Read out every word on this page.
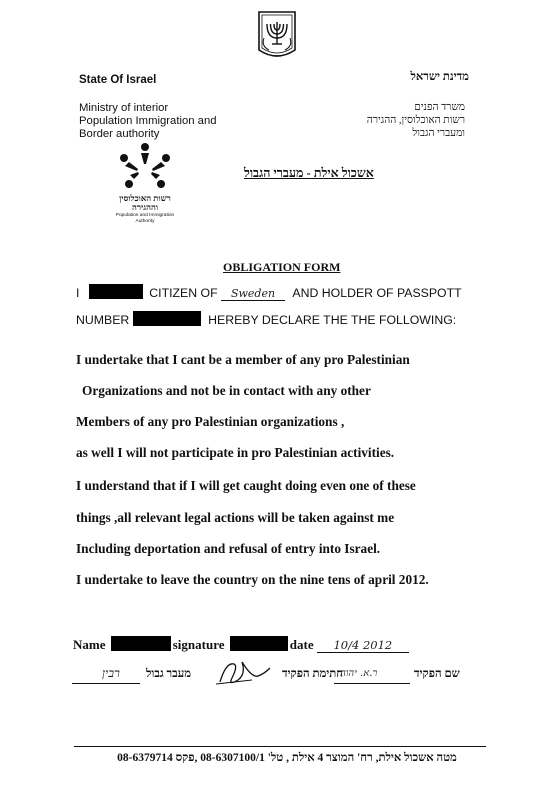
State Of Israel	מדינת ישראל
Ministry of interior
Population Immigration and
Border authority
משרד הפנים
רשות האוכלוסין, ההגירה
ומעברי הגבול
רשות האוכלוסין
וההגירה
Population and Immigration
Authority
אשכול אילת - מעברי הגבול
OBLIGATION FORM
I	CITIZEN OF Sweden AND HOLDER OF PASSPOTT
NUMBER	HEREBY DECLARE THE THE FOLLOWING:
I undertake that I cant be a member of any pro Palestinian
Organizations and not be in contact with any other
Members of any pro Palestinian organizations ,
as well I will not participate in pro Palestinian activities.
I understand that if I will get caught doing even one of these
things ,all relevant legal actions will be taken against me
Including deportation and refusal of entry into Israel.
I undertake to leave the country on the nine tens of april 2012.
Name	signature	date 10/4 2012
רבין מעבר גבול	חתימת הפקיד
ר.א. יהוה	שם הפקיד
מטה אשכול אילת, רח' המוצר 4 אילת , טל' 08-6307100/1 ,פקס 08-6379714
